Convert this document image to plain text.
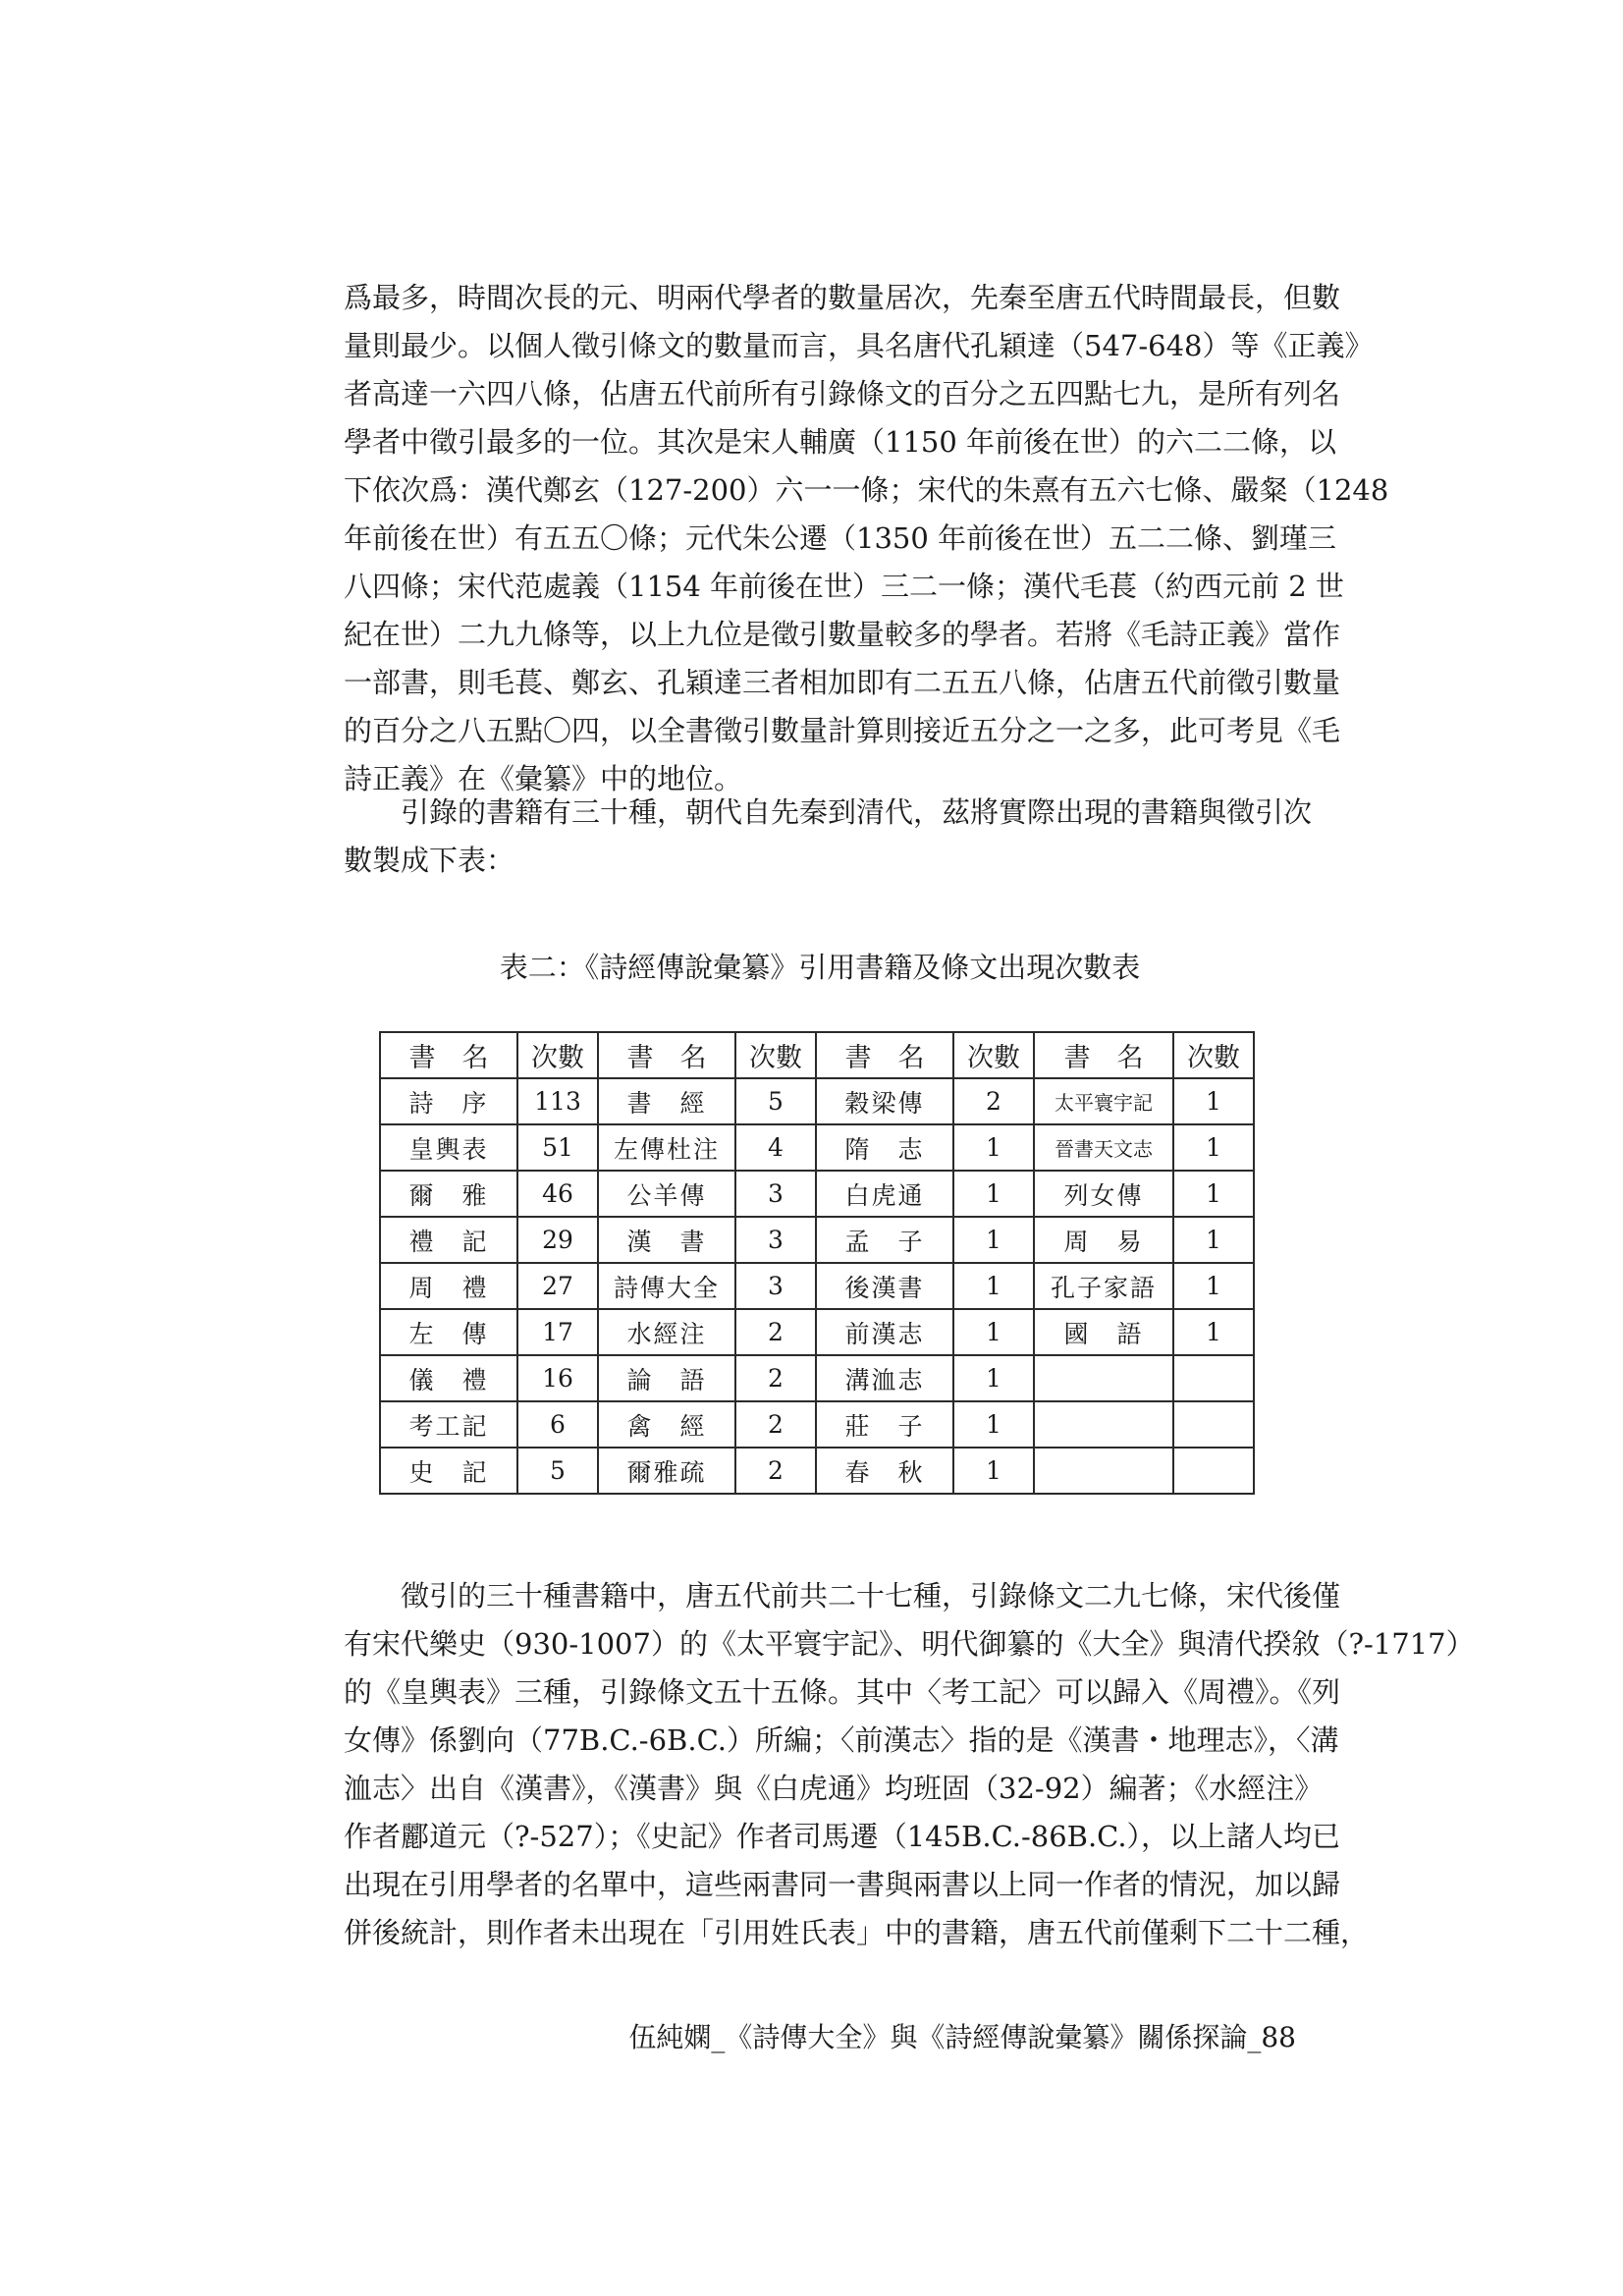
爲最多，時間次長的元、明兩代學者的數量居次，先秦至唐五代時間最長，但數
量則最少。以個人徵引條文的數量而言，具名唐代孔穎達（547-648）等《正義》
者高達一六四八條，佔唐五代前所有引錄條文的百分之五四點七九，是所有列名
學者中徵引最多的一位。其次是宋人輔廣（1150 年前後在世）的六二二條，以
下依次爲：漢代鄭玄（127-200）六一一條；宋代的朱熹有五六七條、嚴粲（1248
年前後在世）有五五〇條；元代朱公遷（1350 年前後在世）五二二條、劉瑾三
八四條；宋代范處義（1154 年前後在世）三二一條；漢代毛萇（約西元前 2 世
紀在世）二九九條等，以上九位是徵引數量較多的學者。若將《毛詩正義》當作
一部書，則毛萇、鄭玄、孔穎達三者相加即有二五五八條，佔唐五代前徵引數量
的百分之八五點〇四，以全書徵引數量計算則接近五分之一之多，此可考見《毛
詩正義》在《彙纂》中的地位。
　　引錄的書籍有三十種，朝代自先秦到清代，茲將實際出現的書籍與徵引次
數製成下表：
表二：《詩經傳說彙纂》引用書籍及條文出現次數表
書　名	次數	書　名	次數	書　名	次數	書　名	次數
詩　序	113	書　經	5	穀梁傳	2	太平寰宇記	1
皇輿表	51	左傳杜注	4	隋　志	1	晉書天文志	1
爾　雅	46	公羊傳	3	白虎通	1	列女傳	1
禮　記	29	漢　書	3	孟　子	1	周　易	1
周　禮	27	詩傳大全	3	後漢書	1	孔子家語	1
左　傳	17	水經注	2	前漢志	1	國　語	1
儀　禮	16	論　語	2	溝洫志	1		
考工記	6	禽　經	2	莊　子	1		
史　記	5	爾雅疏	2	春　秋	1		
　　徵引的三十種書籍中，唐五代前共二十七種，引錄條文二九七條，宋代後僅
有宋代樂史（930-1007）的《太平寰宇記》、明代御纂的《大全》與清代揆敘（?-1717）
的《皇輿表》三種，引錄條文五十五條。其中〈考工記〉可以歸入《周禮》。《列
女傳》係劉向（77B.C.-6B.C.）所編；〈前漢志〉指的是《漢書・地理志》，〈溝
洫志〉出自《漢書》，《漢書》與《白虎通》均班固（32-92）編著；《水經注》
作者酈道元（?-527）；《史記》作者司馬遷（145B.C.-86B.C.），以上諸人均已
出現在引用學者的名單中，這些兩書同一書與兩書以上同一作者的情況，加以歸
併後統計，則作者未出現在「引用姓氏表」中的書籍，唐五代前僅剩下二十二種，
伍純嫻_《詩傳大全》與《詩經傳說彙纂》關係探論_88
